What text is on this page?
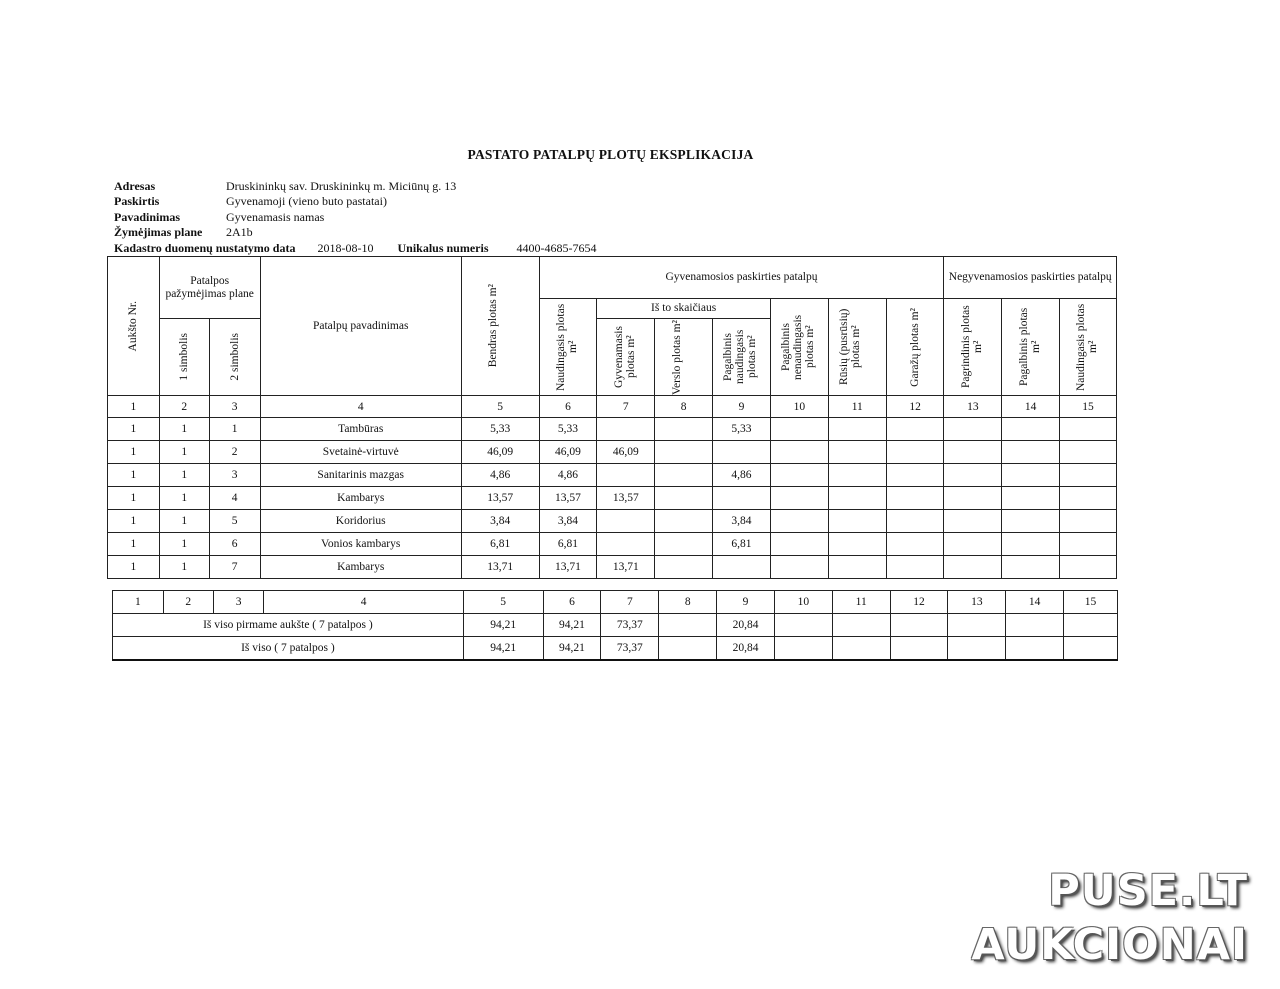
PASTATO PATALPŲ PLOTŲ EKSPLIKACIJA
Adresas	Druskininkų sav. Druskininkų m. Miciūnų g. 13
Paskirtis	Gyvenamoji (vieno buto pastatai)
Pavadinimas	Gyvenamasis namas
Žymėjimas plane	2A1b
Kadastro duomenų nustatymo data 2018-08-10 Unikalus numeris 4400-4685-7654
Aukšto Nr.	Patalpos pažymėjimas plane		Patalpų pavadinimas	Bendras plotas m²	Gyvenamosios paskirties patalpų							Negyvenamosios paskirties patalpų		

					Naudingasis plotas m²	Iš to skaičiaus			Pagalbinis nenaudingasis plotas m²	Rūsių (pusrūsių) plotas m²	Garažų plotas m²	Pagrindinis plotas m²	Pagalbinis plotas m²	Naudingasis plotas m²

	1 simbolis	2 simbolis				Gyvenamasis plotas m²	Verslo plotas m²	Pagalbinis naudingasis plotas m²						

1	2	3	4	5	6	7	8	9	10	11	12	13	14	15
1	1	1	Tambūras	5,33	5,33			5,33						
1	1	2	Svetainė-virtuvė	46,09	46,09	46,09								
1	1	3	Sanitarinis mazgas	4,86	4,86			4,86						
1	1	4	Kambarys	13,57	13,57	13,57								
1	1	5	Koridorius	3,84	3,84			3,84						
1	1	6	Vonios kambarys	6,81	6,81			6,81						
1	1	7	Kambarys	13,71	13,71	13,71								
1	2	3	4	5	6	7	8	9	10	11	12	13	14	15
Iš viso pirmame aukšte ( 7 patalpos )				94,21	94,21	73,37		20,84						
Iš viso ( 7 patalpos )				94,21	94,21	73,37		20,84						
PUSE.LT
AUKCIONAI
